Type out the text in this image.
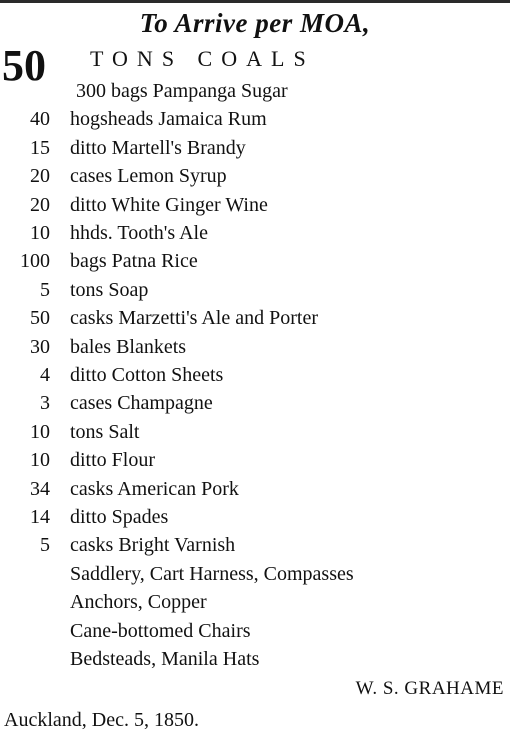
To Arrive per MOA,
50 TONS COALS
300 bags Pampanga Sugar
40 hogsheads Jamaica Rum
15 ditto Martell's Brandy
20 cases Lemon Syrup
20 ditto White Ginger Wine
10 hhds. Tooth's Ale
100 bags Patna Rice
5 tons Soap
50 casks Marzetti's Ale and Porter
30 bales Blankets
4 ditto Cotton Sheets
3 cases Champagne
10 tons Salt
10 ditto Flour
34 casks American Pork
14 ditto Spades
5 casks Bright Varnish
Saddlery, Cart Harness, Compasses
Anchors, Copper
Cane-bottomed Chairs
Bedsteads, Manila Hats
W. S. GRAHAME
Auckland, Dec. 5, 1850.
